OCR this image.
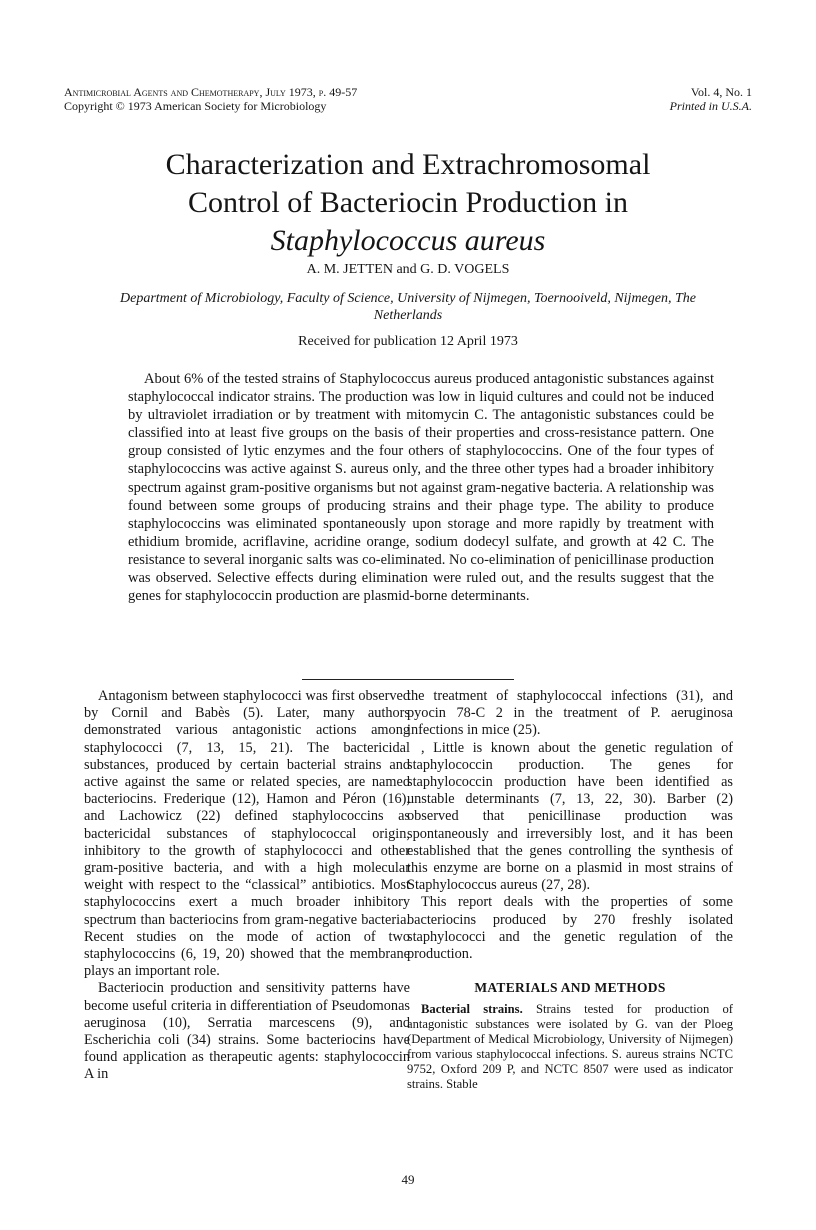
Antimicrobial Agents and Chemotherapy, July 1973, p. 49-57
Copyright © 1973 American Society for Microbiology
Vol. 4, No. 1
Printed in U.S.A.
Characterization and Extrachromosomal
Control of Bacteriocin Production in
Staphylococcus aureus
A. M. JETTEN and G. D. VOGELS
Department of Microbiology, Faculty of Science, University of Nijmegen, Toernooiveld, Nijmegen, The Netherlands
Received for publication 12 April 1973

About 6% of the tested strains of Staphylococcus aureus produced antagonistic substances against staphylococcal indicator strains. The production was low in liquid cultures and could not be induced by ultraviolet irradiation or by treatment with mitomycin C. The antagonistic substances could be classified into at least five groups on the basis of their properties and cross-resistance pattern. One group consisted of lytic enzymes and the four others of staphylococcins. One of the four types of staphylococcins was active against S. aureus only, and the three other types had a broader inhibitory spectrum against gram-positive organisms but not against gram-negative bacteria. A relationship was found between some groups of producing strains and their phage type. The ability to produce staphylococcins was eliminated spontaneously upon storage and more rapidly by treatment with ethidium bromide, acriflavine, acridine orange, sodium dodecyl sulfate, and growth at 42 C. The resistance to several inorganic salts was co-eliminated. No co-elimination of penicillinase production was observed. Selective effects during elimination were ruled out, and the results suggest that the genes for staphylococcin production are plasmid-borne determinants.

Antagonism between staphylococci was first observed by Cornil and Babès (5). Later, many authors demonstrated various antagonistic actions among staphylococci (7, 13, 15, 21). The bactericidal substances, produced by certain bacterial strains and active against the same or related species, are named bacteriocins. Frederique (12), Hamon and Péron (16), and Lachowicz (22) defined staphylococcins as bactericidal substances of staphylococcal origin, inhibitory to the growth of staphylococci and other gram-positive bacteria, and with a high molecular weight with respect to the “classical” antibiotics. Most staphylococcins exert a much broader inhibitory spectrum than bacteriocins from gram-negative bacteria. Recent studies on the mode of action of two staphylococcins (6, 19, 20) showed that the membrane plays an important role.

Bacteriocin production and sensitivity patterns have become useful criteria in differentiation of Pseudomonas aeruginosa (10), Serratia marcescens (9), and Escherichia coli (34) strains. Some bacteriocins have found application as therapeutic agents: staphylococcin A in

the treatment of staphylococcal infections (31), and pyocin 78-C 2 in the treatment of P. aeruginosa infections in mice (25).

, Little is known about the genetic regulation of staphylococcin production. The genes for staphylococcin production have been identified as unstable determinants (7, 13, 22, 30). Barber (2) observed that penicillinase production was spontaneously and irreversibly lost, and it has been established that the genes controlling the synthesis of this enzyme are borne on a plasmid in most strains of Staphylococcus aureus (27, 28).

This report deals with the properties of some bacteriocins produced by 270 freshly isolated staphylococci and the genetic regulation of the production.

MATERIALS AND METHODS

Bacterial strains. Strains tested for production of antagonistic substances were isolated by G. van der Ploeg (Department of Medical Microbiology, University of Nijmegen) from various staphylococcal infections. S. aureus strains NCTC 9752, Oxford 209 P, and NCTC 8507 were used as indicator strains. Stable

49
